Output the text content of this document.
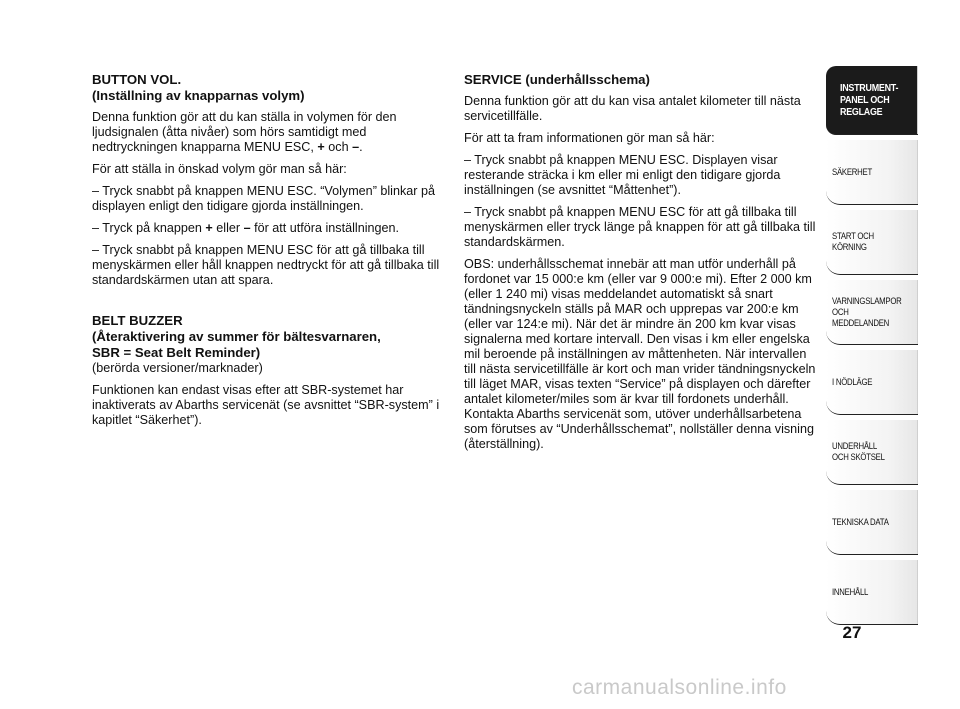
BUTTON VOL.
(Inställning av knapparnas volym)

Denna funktion gör att du kan ställa in volymen för den ljudsignalen (åtta nivåer) som hörs samtidigt med nedtryckningen knapparna MENU ESC, + och –.

För att ställa in önskad volym gör man så här:

– Tryck snabbt på knappen MENU ESC. “Volymen” blinkar på displayen enligt den tidigare gjorda inställningen.

– Tryck på knappen + eller – för att utföra inställningen.

– Tryck snabbt på knappen MENU ESC för att gå tillbaka till menyskärmen eller håll knappen nedtryckt för att gå tillbaka till standardskärmen utan att spara.

BELT BUZZER
(Återaktivering av summer för bältesvarnaren,
SBR = Seat Belt Reminder)

(berörda versioner/marknader)

Funktionen kan endast visas efter att SBR-systemet har inaktiverats av Abarths servicenät (se avsnittet “SBR-system” i kapitlet “Säkerhet”).

SERVICE (underhållsschema)

Denna funktion gör att du kan visa antalet kilometer till nästa servicetillfälle.

För att ta fram informationen gör man så här:

– Tryck snabbt på knappen MENU ESC. Displayen visar resterande sträcka i km eller mi enligt den tidigare gjorda inställningen (se avsnittet “Måttenhet”).

– Tryck snabbt på knappen MENU ESC för att gå tillbaka till menyskärmen eller tryck länge på knappen för att gå tillbaka till standardskärmen.

OBS: underhållsschemat innebär att man utför underhåll på fordonet var 15 000:e km (eller var 9 000:e mi). Efter 2 000 km (eller 1 240 mi) visas meddelandet automatiskt så snart tändningsnyckeln ställs på MAR och upprepas var 200:e km (eller var 124:e mi). När det är mindre än 200 km kvar visas signalerna med kortare intervall. Den visas i km eller engelska mil beroende på inställningen av måttenheten. När intervallen till nästa servicetillfälle är kort och man vrider tändningsnyckeln till läget MAR, visas texten “Service” på displayen och därefter antalet kilometer/miles som är kvar till fordonets underhåll. Kontakta Abarths servicenät som, utöver underhållsarbetena som förutses av “Underhållsschemat”, nollställer denna visning (återställning).

INSTRUMENT-
PANEL OCH
REGLAGE
SÄKERHET
START OCH
KÖRNING
VARNINGSLAMPOR
OCH
MEDDELANDEN
I NÖDLÄGE
UNDERHÅLL
OCH SKÖTSEL
TEKNISKA DATA
INNEHÅLL
27
carmanualsonline.info
